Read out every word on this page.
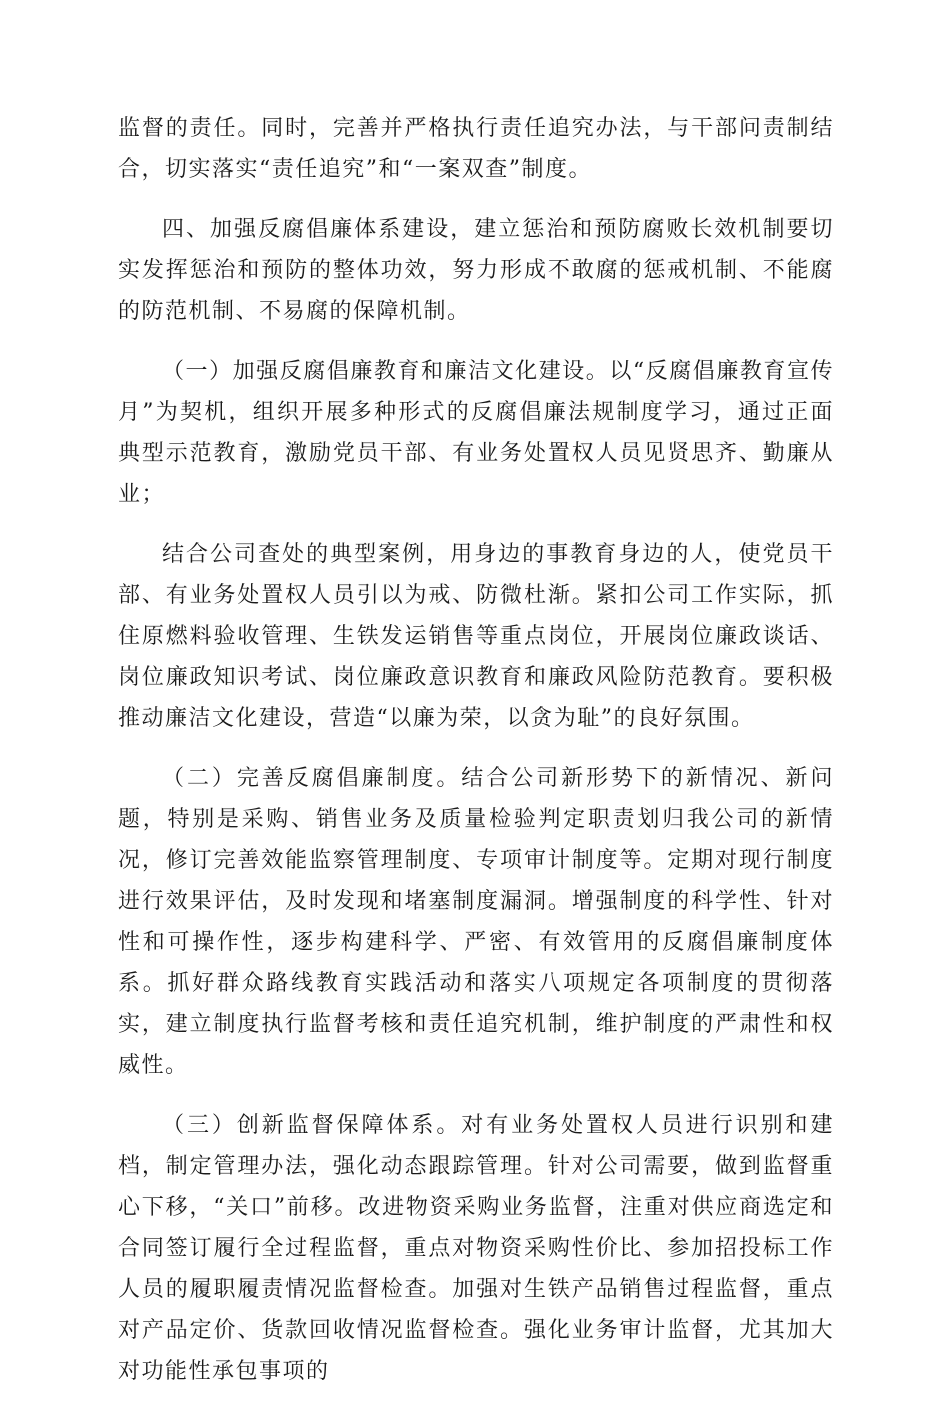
监督的责任。同时，完善并严格执行责任追究办法，与干部问责制结合，切实落实“责任追究”和“一案双查”制度。

四、加强反腐倡廉体系建设，建立惩治和预防腐败长效机制要切实发挥惩治和预防的整体功效，努力形成不敢腐的惩戒机制、不能腐的防范机制、不易腐的保障机制。

（一）加强反腐倡廉教育和廉洁文化建设。以“反腐倡廉教育宣传月”为契机，组织开展多种形式的反腐倡廉法规制度学习，通过正面典型示范教育，激励党员干部、有业务处置权人员见贤思齐、勤廉从业；

结合公司查处的典型案例，用身边的事教育身边的人，使党员干部、有业务处置权人员引以为戒、防微杜渐。紧扣公司工作实际，抓住原燃料验收管理、生铁发运销售等重点岗位，开展岗位廉政谈话、岗位廉政知识考试、岗位廉政意识教育和廉政风险防范教育。要积极推动廉洁文化建设，营造“以廉为荣，以贪为耻”的良好氛围。

（二）完善反腐倡廉制度。结合公司新形势下的新情况、新问题，特别是采购、销售业务及质量检验判定职责划归我公司的新情况，修订完善效能监察管理制度、专项审计制度等。定期对现行制度进行效果评估，及时发现和堵塞制度漏洞。增强制度的科学性、针对性和可操作性，逐步构建科学、严密、有效管用的反腐倡廉制度体系。抓好群众路线教育实践活动和落实八项规定各项制度的贯彻落实，建立制度执行监督考核和责任追究机制，维护制度的严肃性和权威性。

（三）创新监督保障体系。对有业务处置权人员进行识别和建档，制定管理办法，强化动态跟踪管理。针对公司需要，做到监督重心下移，“关口”前移。改进物资采购业务监督，注重对供应商选定和合同签订履行全过程监督，重点对物资采购性价比、参加招投标工作人员的履职履责情况监督检查。加强对生铁产品销售过程监督，重点对产品定价、货款回收情况监督检查。强化业务审计监督，尤其加大对功能性承包事项的
